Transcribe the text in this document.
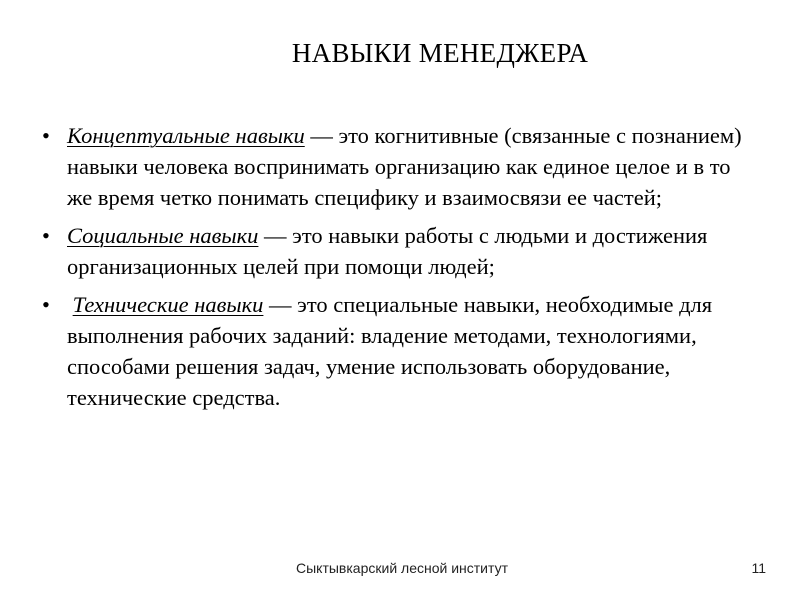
НАВЫКИ МЕНЕДЖЕРА
• Концептуальные навыки — это когнитивные (связанные с познанием) навыки человека воспринимать организацию как единое целое и в то же время четко понимать специфику и взаимосвязи ее частей;
• Социальные навыки — это навыки работы с людьми и достижения организационных целей при помощи людей;
• Технические навыки — это специальные навыки, необходимые для выполнения рабочих заданий: владение методами, технологиями, способами решения задач, умение использовать оборудование, технические средства.
Сыктывкарский лесной институт	11
